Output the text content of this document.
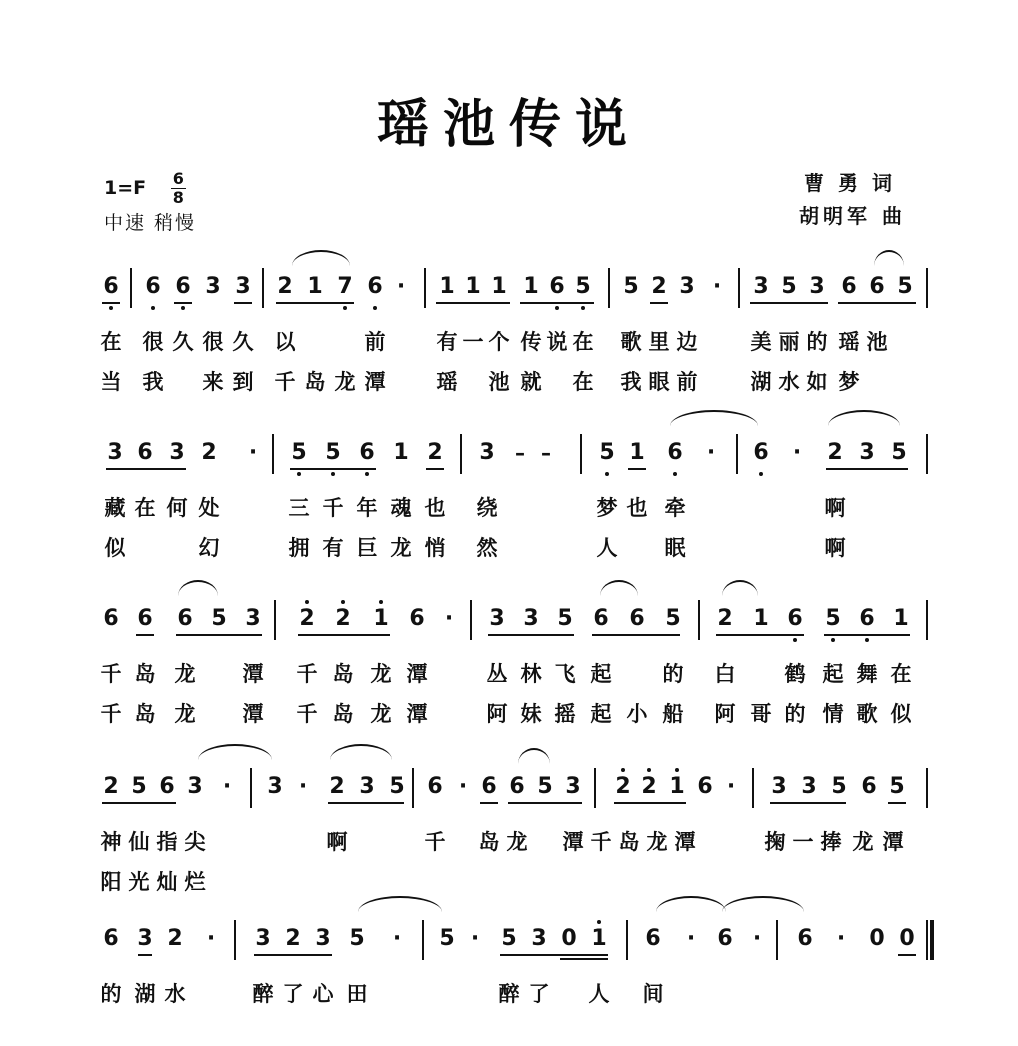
瑶池传说
$1=F \frac{6}{8}$
中速 稍慢
曹勇词
胡明军 曲
6 6 6 3 3 2 1 7 6 · 1 1 1 1 6 5 5 2 3 · 3 5 3 6 6 5
在 很 久 很 久 以	前 有 一 个 传 说 在 歌 里 边	美 丽 的 瑶 池
当 我 来 到 千 岛 龙 潭 瑶 池 就 在 我 眼 前	湖 水 如 梦
3 6 3 2 · 5 5 6 1 2 3 – – 5 1 6 · 6 · 2 3 5
藏 在 何 处	三 千 年 魂 也 绕	梦 也 牵	啊
似	幻	拥 有 巨 龙 悄 然	人 眠	啊
6 6 6 5 3 2 2 1 6 · 3 3 5 6 6 5 2 1 6 5 6 1
千 岛 龙 潭 千 岛 龙 潭	丛 林 飞 起 的 白 鹤 起 舞 在
千 岛 龙 潭 千 岛 龙 潭	阿 妹 摇 起 小 船 阿 哥 的 情 歌 似
2 5 6 3 · 3 · 2 3 5 6 · 6 6 5 3 2 2 1 6 · 3 3 5 6 5
神 仙 指 尖	啊	千 岛 龙 潭 千 岛 龙 潭	掬 一 捧 龙 潭
阳 光 灿 烂
6 3 2 · 3 2 3 5 · 5 · 5 3 0 1 6 · 6 · 6 · 0 0
的 湖 水	醉 了 心 田	醉 了 人 间
